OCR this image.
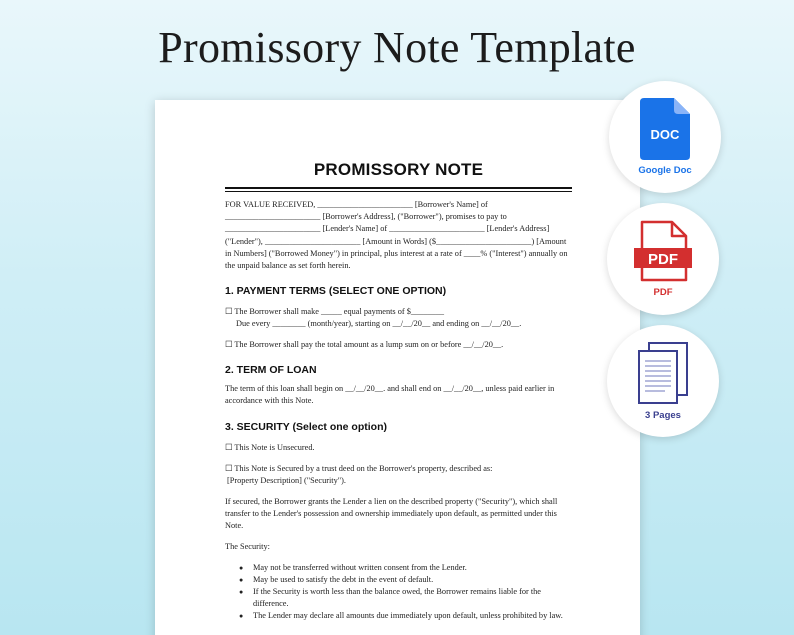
Promissory Note Template
PROMISSORY NOTE

FOR VALUE RECEIVED, _______________________ [Borrower's Name] of _______________________ [Borrower's Address], ("Borrower"), promises to pay to _______________________ [Lender's Name] of _______________________ [Lender's Address] ("Lender"), _______________________ [Amount in Words] ($_______________________) [Amount in Numbers] ("Borrowed Money") in principal, plus interest at a rate of ____% ("Interest") annually on the unpaid balance as set forth herein.

1. PAYMENT TERMS (SELECT ONE OPTION)
☐ The Borrower shall make _____ equal payments of $________
Due every ________ (month/year), starting on __/__/20__ and ending on __/__/20__.
☐ The Borrower shall pay the total amount as a lump sum on or before __/__/20__.
2. TERM OF LOAN

The term of this loan shall begin on __/__/20__. and shall end on __/__/20__, unless paid earlier in accordance with this Note.

3. SECURITY (Select one option)
☐ This Note is Unsecured.
☐ This Note is Secured by a trust deed on the Borrower's property, described as:
[Property Description] ("Security").

If secured, the Borrower grants the Lender a lien on the described property ("Security"), which shall transfer to the Lender's possession and ownership immediately upon default, as permitted under this Note.

The Security:

● May not be transferred without written consent from the Lender.
● May be used to satisfy the debt in the event of default.
● If the Security is worth less than the balance owed, the Borrower remains liable for the difference.
● The Lender may declare all amounts due immediately upon default, unless prohibited by law.
DOC
Google Doc
PDF
PDF
3 Pages
